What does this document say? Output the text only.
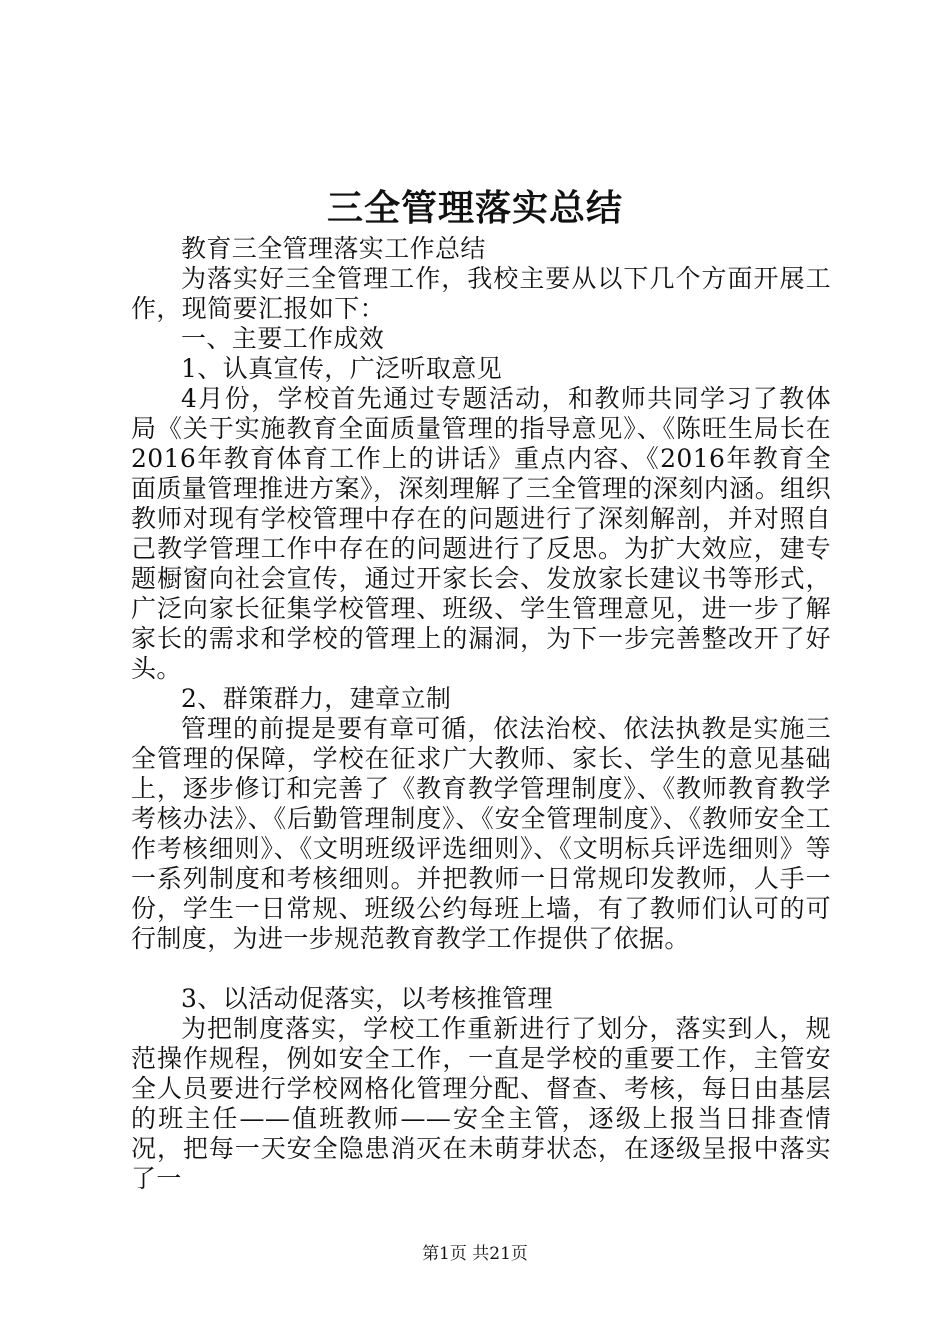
三全管理落实总结

教育三全管理落实工作总结

为落实好三全管理工作，我校主要从以下几个方面开展工作，现简要汇报如下：

一、主要工作成效

1、认真宣传，广泛听取意见

4月份，学校首先通过专题活动，和教师共同学习了教体局《关于实施教育全面质量管理的指导意见》、《陈旺生局长在2016年教育体育工作上的讲话》重点内容、《2016年教育全面质量管理推进方案》，深刻理解了三全管理的深刻内涵。组织教师对现有学校管理中存在的问题进行了深刻解剖，并对照自己教学管理工作中存在的问题进行了反思。为扩大效应，建专题橱窗向社会宣传，通过开家长会、发放家长建议书等形式，广泛向家长征集学校管理、班级、学生管理意见，进一步了解家长的需求和学校的管理上的漏洞，为下一步完善整改开了好头。

2、群策群力，建章立制

管理的前提是要有章可循，依法治校、依法执教是实施三全管理的保障，学校在征求广大教师、家长、学生的意见基础上，逐步修订和完善了《教育教学管理制度》、《教师教育教学考核办法》、《后勤管理制度》、《安全管理制度》、《教师安全工作考核细则》、《文明班级评选细则》、《文明标兵评选细则》等一系列制度和考核细则。并把教师一日常规印发教师，人手一份，学生一日常规、班级公约每班上墙，有了教师们认可的可行制度，为进一步规范教育教学工作提供了依据。

3、以活动促落实，以考核推管理

为把制度落实，学校工作重新进行了划分，落实到人，规范操作规程，例如安全工作，一直是学校的重要工作，主管安全人员要进行学校网格化管理分配、督查、考核，每日由基层的班主任——值班教师——安全主管，逐级上报当日排查情况，把每一天安全隐患消灭在未萌芽状态，在逐级呈报中落实了一

第1页 共21页
